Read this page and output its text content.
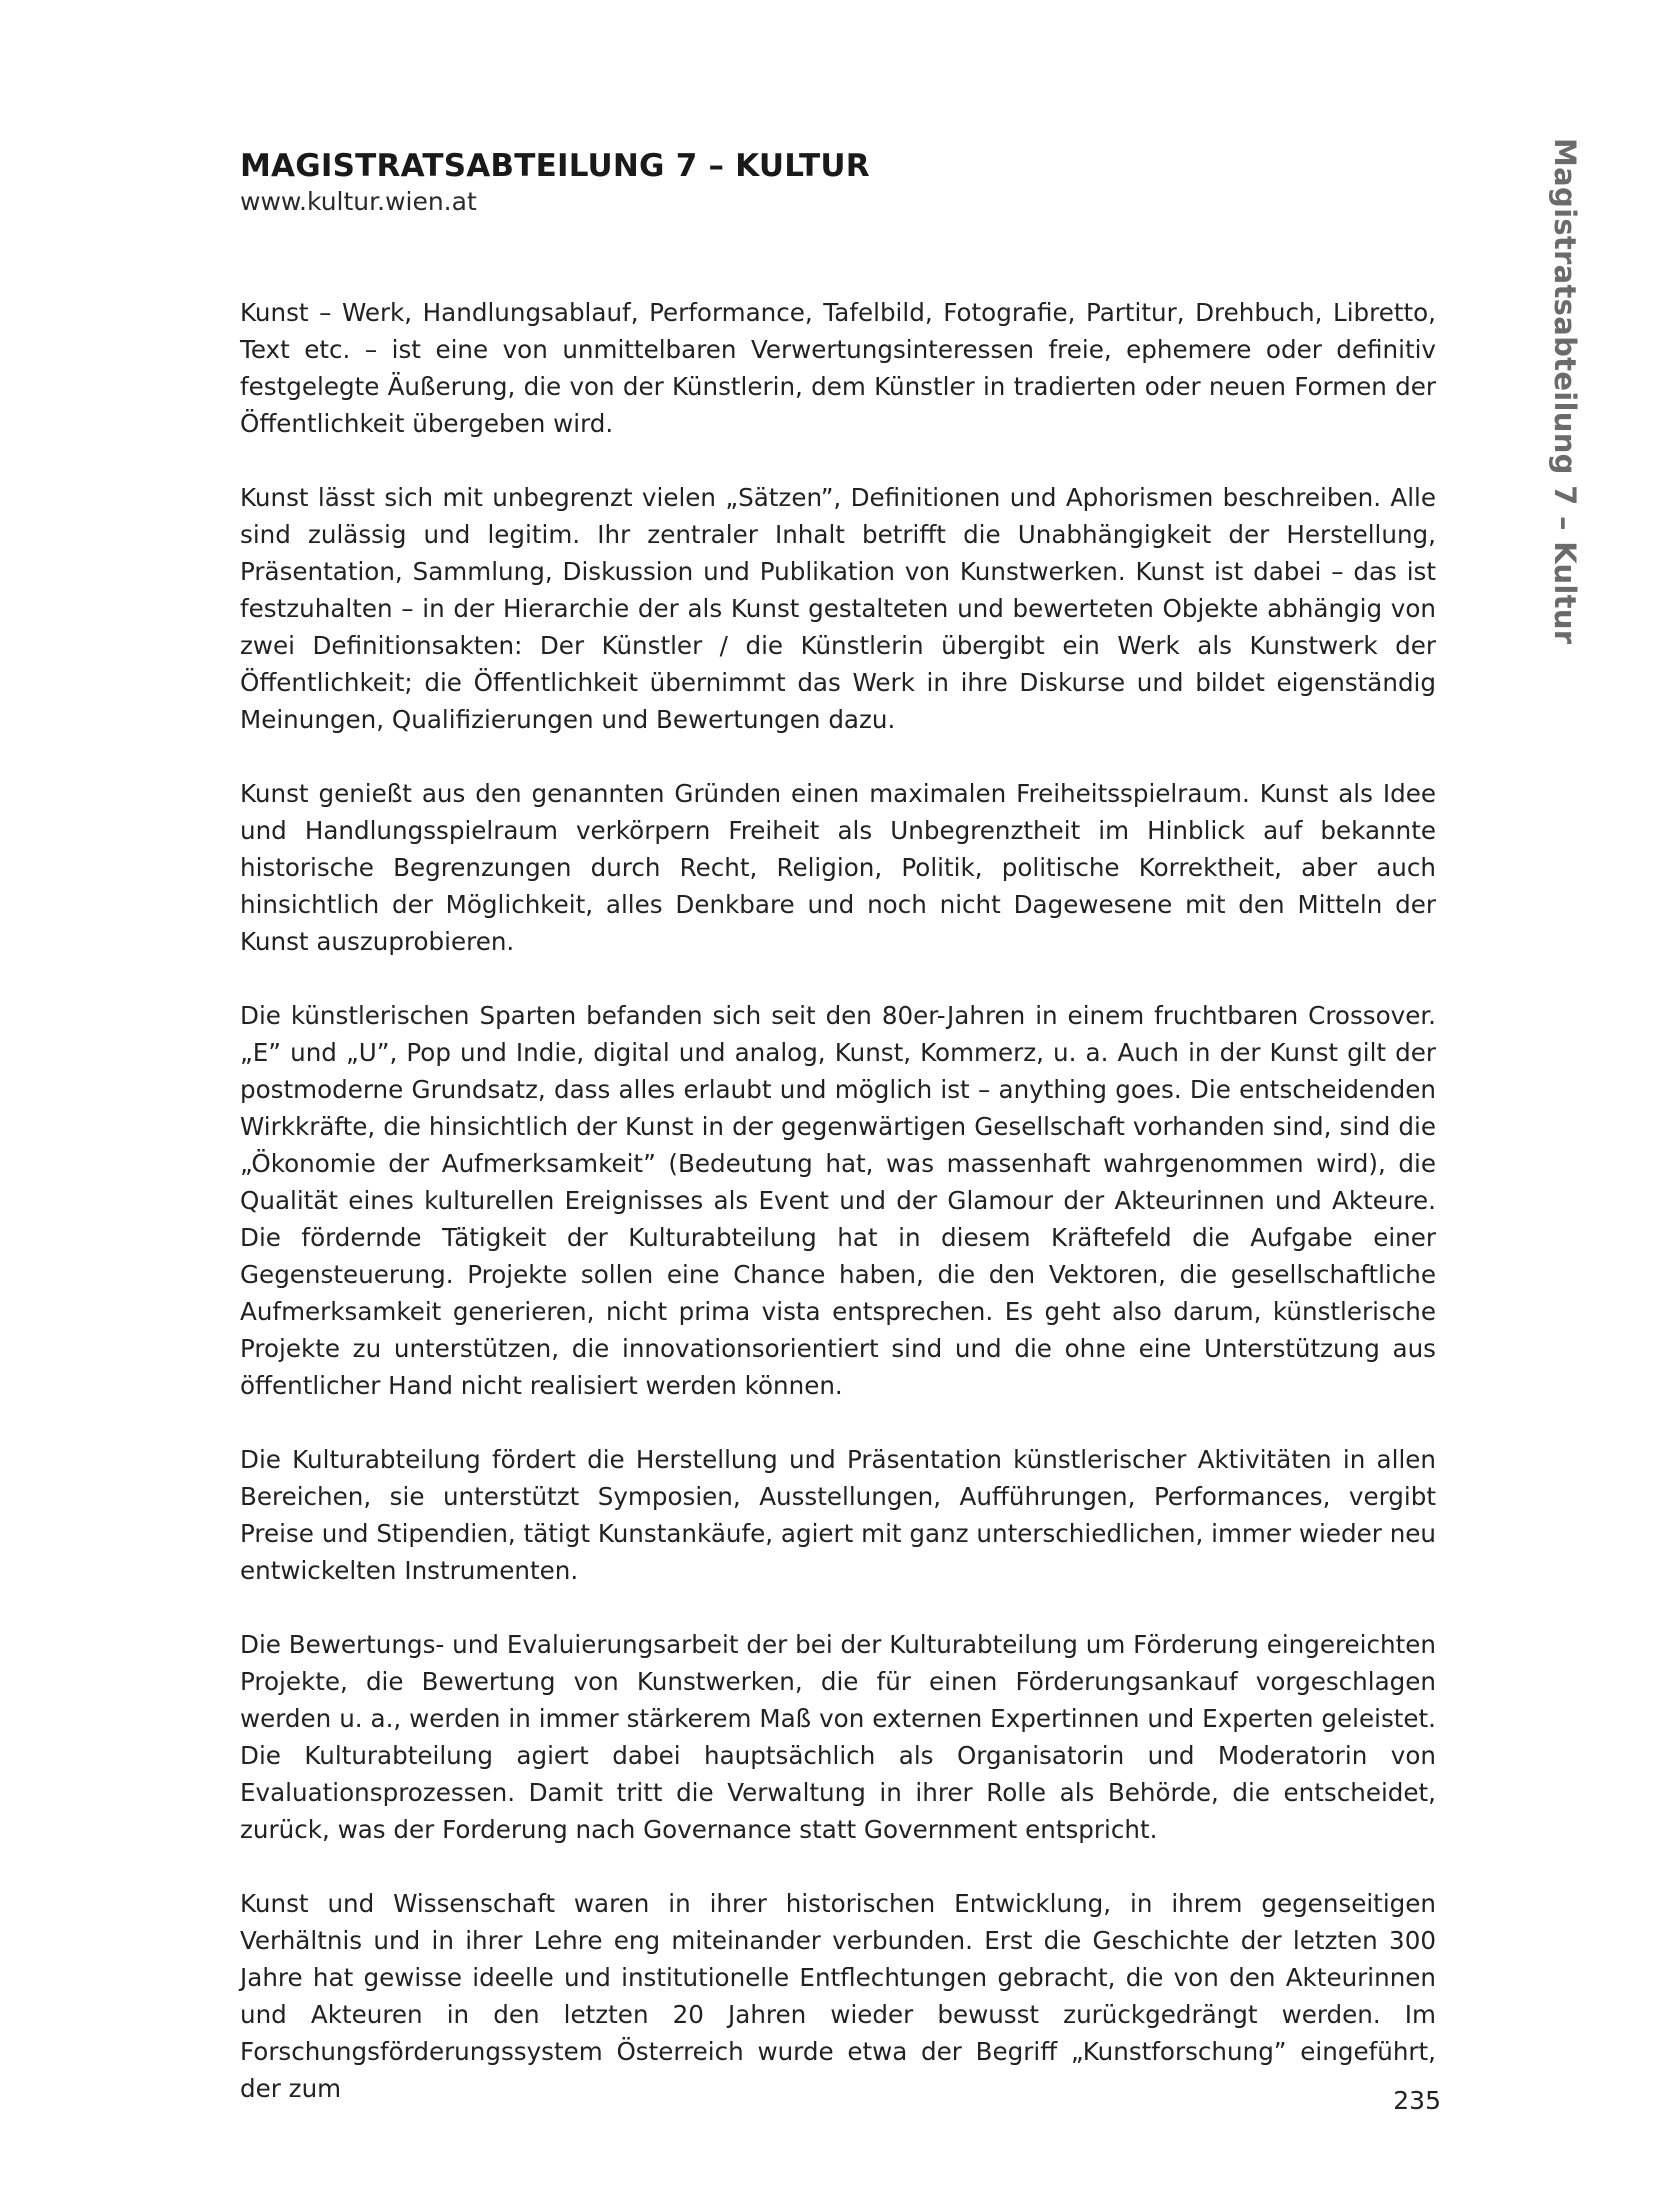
MAGISTRATSABTEILUNG 7 – KULTUR

www.kultur.wien.at	Magistratsabteilung 7 – Kultur

Kunst – Werk, Handlungsablauf, Performance, Tafelbild, Fotografie, Partitur, Drehbuch, Libretto, Text etc. – ist eine von unmittelbaren Verwertungsinteressen freie, ephemere oder definitiv festgelegte Äußerung, die von der Künstlerin, dem Künstler in tradierten oder neuen Formen der Öffentlichkeit übergeben wird.

Kunst lässt sich mit unbegrenzt vielen „Sätzen”, Definitionen und Aphorismen beschreiben. Alle sind zulässig und legitim. Ihr zentraler Inhalt betrifft die Unabhängigkeit der Herstellung, Präsentation, Sammlung, Diskussion und Publikation von Kunstwerken. Kunst ist dabei – das ist festzuhalten – in der Hierarchie der als Kunst gestalteten und bewerteten Objekte abhängig von zwei Definitionsakten: Der Künstler / die Künstlerin übergibt ein Werk als Kunstwerk der Öffentlichkeit; die Öffentlichkeit übernimmt das Werk in ihre Diskurse und bildet eigenständig Meinungen, Qualifizierungen und Bewertungen dazu.

Kunst genießt aus den genannten Gründen einen maximalen Freiheitsspielraum. Kunst als Idee und Handlungsspielraum verkörpern Freiheit als Unbegrenztheit im Hinblick auf bekannte historische Begrenzungen durch Recht, Religion, Politik, politische Korrektheit, aber auch hinsichtlich der Möglichkeit, alles Denkbare und noch nicht Dagewesene mit den Mitteln der Kunst auszuprobieren.

Die künstlerischen Sparten befanden sich seit den 80er-Jahren in einem fruchtbaren Crossover. „E” und „U”, Pop und Indie, digital und analog, Kunst, Kommerz, u. a. Auch in der Kunst gilt der postmoderne Grundsatz, dass alles erlaubt und möglich ist – anything goes. Die entscheidenden Wirkkräfte, die hinsichtlich der Kunst in der gegenwärtigen Gesellschaft vorhanden sind, sind die „Ökonomie der Aufmerksamkeit” (Bedeutung hat, was massenhaft wahrgenommen wird), die Qualität eines kulturellen Ereignisses als Event und der Glamour der Akteurinnen und Akteure. Die fördernde Tätigkeit der Kulturabteilung hat in diesem Kräftefeld die Aufgabe einer Gegensteuerung. Projekte sollen eine Chance haben, die den Vektoren, die gesellschaftliche Aufmerksamkeit generieren, nicht prima vista entsprechen. Es geht also darum, künstlerische Projekte zu unterstützen, die innovationsorientiert sind und die ohne eine Unterstützung aus öffentlicher Hand nicht realisiert werden können.

Die Kulturabteilung fördert die Herstellung und Präsentation künstlerischer Aktivitäten in allen Bereichen, sie unterstützt Symposien, Ausstellungen, Aufführungen, Performances, vergibt Preise und Stipendien, tätigt Kunstankäufe, agiert mit ganz unterschiedlichen, immer wieder neu entwickelten Instrumenten.

Die Bewertungs- und Evaluierungsarbeit der bei der Kulturabteilung um Förderung eingereichten Projekte, die Bewertung von Kunstwerken, die für einen Förderungsankauf vorgeschlagen werden u. a., werden in immer stärkerem Maß von externen Expertinnen und Experten geleistet. Die Kulturabteilung agiert dabei hauptsächlich als Organisatorin und Moderatorin von Evaluationsprozessen. Damit tritt die Verwaltung in ihrer Rolle als Behörde, die entscheidet, zurück, was der Forderung nach Governance statt Government entspricht.

Kunst und Wissenschaft waren in ihrer historischen Entwicklung, in ihrem gegenseitigen Verhältnis und in ihrer Lehre eng miteinander verbunden. Erst die Geschichte der letzten 300 Jahre hat gewisse ideelle und institutionelle Entflechtungen gebracht, die von den Akteurinnen und Akteuren in den letzten 20 Jahren wieder bewusst zurückgedrängt werden. Im Forschungsförderungssystem Österreich wurde etwa der Begriff „Kunstforschung” eingeführt, der zum	235
